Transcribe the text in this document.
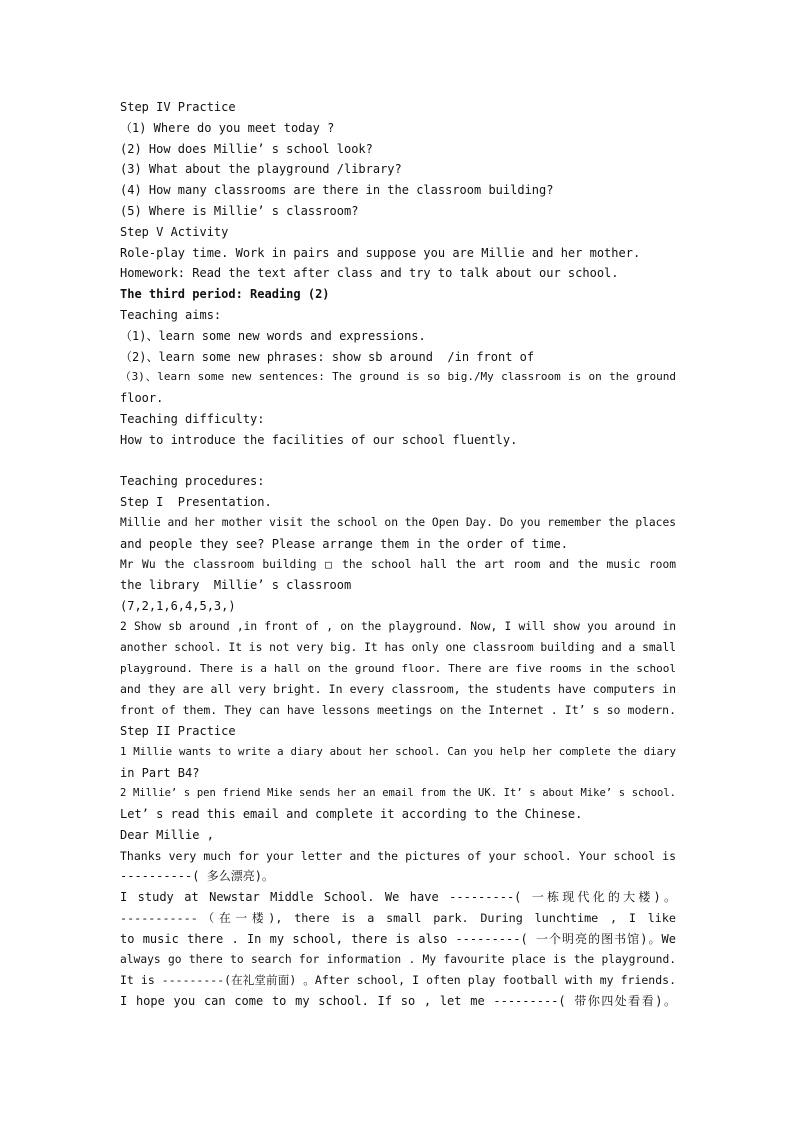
Step IV Practice
（1) Where do you meet today ?
(2) How does Millie’ s school look?
(3) What about the playground /library?
(4) How many classrooms are there in the classroom building?
(5) Where is Millie’ s classroom?
Step V Activity
Role-play time. Work in pairs and suppose you are Millie and her mother.
Homework: Read the text after class and try to talk about our school.
The third period: Reading (2)
Teaching aims:
（1)、learn some new words and expressions.
（2)、learn some new phrases: show sb around  /in front of
（3)、learn some new sentences: The ground is so big./My classroom is on the ground
floor.
Teaching difficulty:
How to introduce the facilities of our school fluently.
Teaching procedures:
Step I  Presentation.
Millie and her mother visit the school on the Open Day. Do you remember the places
and people they see? Please arrange them in the order of time.
Mr Wu the classroom building □ the school hall the art room and the music room
the library  Millie’ s classroom
(7,2,1,6,4,5,3,)
2 Show sb around ,in front of , on the playground. Now, I will show you around in
another school. It is not very big. It has only one classroom building and a small
playground. There is a hall on the ground floor. There are five rooms in the school
and they are all very bright. In every classroom, the students have computers in
front of them. They can have lessons meetings on the Internet . It’ s so modern.
Step II Practice
1 Millie wants to write a diary about her school. Can you help her complete the diary
in Part B4?
2 Millie’ s pen friend Mike sends her an email from the UK. It’ s about Mike’ s school.
Let’ s read this email and complete it according to the Chinese.
Dear Millie ,
Thanks very much for your letter and the pictures of your school. Your school is
----------( 多么漂亮)。
I study at Newstar Middle School. We have ---------( 一栋现代化的大楼)。
-----------（在一楼), there is a small park. During lunchtime , I like
to music there . In my school, there is also ---------( 一个明亮的图书馆)。We
always go there to search for information . My favourite place is the playground.
It is ---------(在礼堂前面) 。After school, I often play football with my friends.
I hope you can come to my school. If so , let me ---------( 带你四处看看)。
